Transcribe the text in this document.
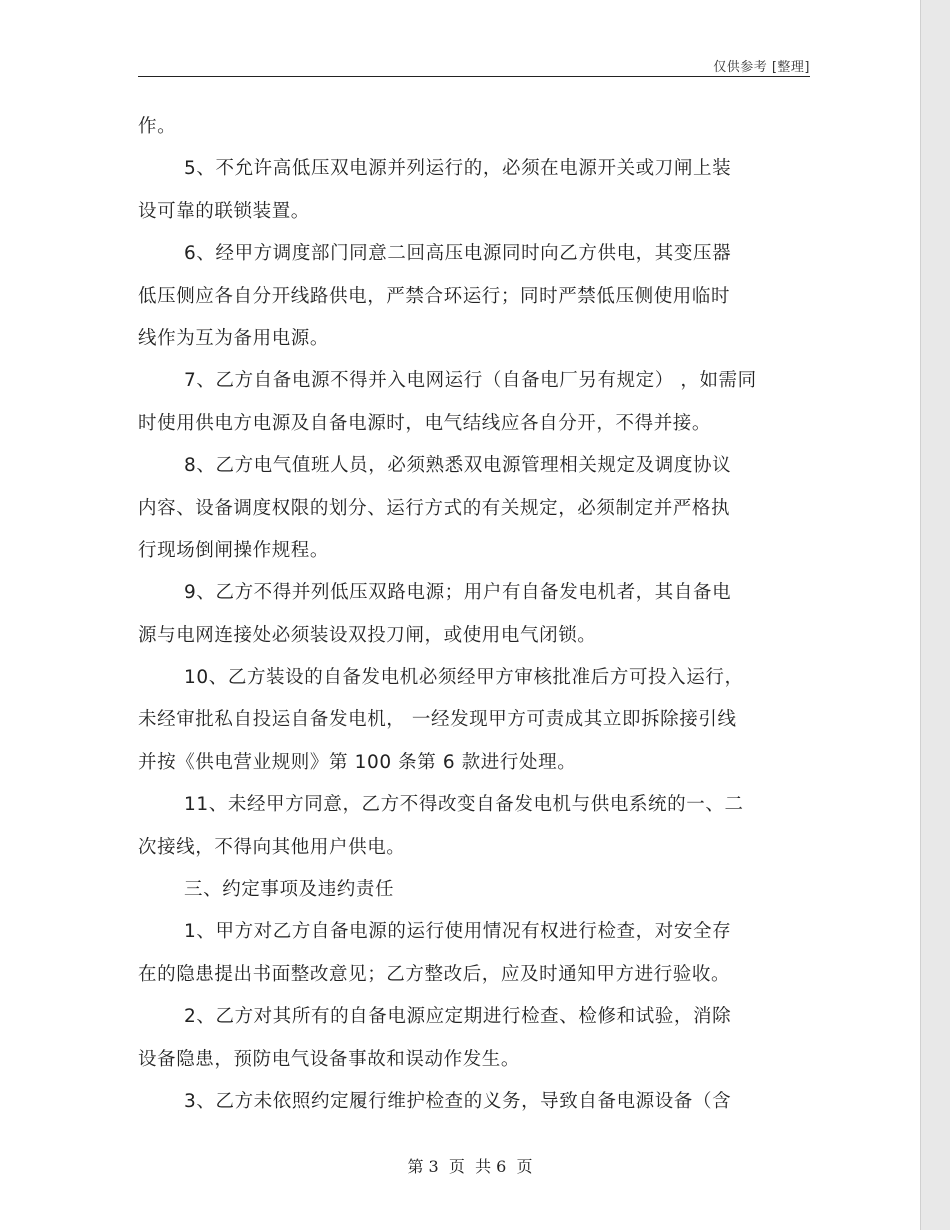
仅供参考 [整理]
作。
5、不允许高低压双电源并列运行的，必须在电源开关或刀闸上装
设可靠的联锁装置。
6、经甲方调度部门同意二回高压电源同时向乙方供电，其变压器
低压侧应各自分开线路供电，严禁合环运行；同时严禁低压侧使用临时
线作为互为备用电源。
7、乙方自备电源不得并入电网运行（自备电厂另有规定） ，如需同
时使用供电方电源及自备电源时，电气结线应各自分开，不得并接。
8、乙方电气值班人员，必须熟悉双电源管理相关规定及调度协议
内容、设备调度权限的划分、运行方式的有关规定，必须制定并严格执
行现场倒闸操作规程。
9、乙方不得并列低压双路电源；用户有自备发电机者，其自备电
源与电网连接处必须装设双投刀闸，或使用电气闭锁。
10、乙方装设的自备发电机必须经甲方审核批准后方可投入运行，
未经审批私自投运自备发电机， 一经发现甲方可责成其立即拆除接引线
并按《供电营业规则》第 100 条第 6 款进行处理。
11、未经甲方同意，乙方不得改变自备发电机与供电系统的一、二
次接线，不得向其他用户供电。
三、约定事项及违约责任
1、甲方对乙方自备电源的运行使用情况有权进行检查，对安全存
在的隐患提出书面整改意见；乙方整改后，应及时通知甲方进行验收。
2、乙方对其所有的自备电源应定期进行检查、检修和试验，消除
设备隐患，预防电气设备事故和误动作发生。
3、乙方未依照约定履行维护检查的义务，导致自备电源设备（含
第 3  页  共 6  页
